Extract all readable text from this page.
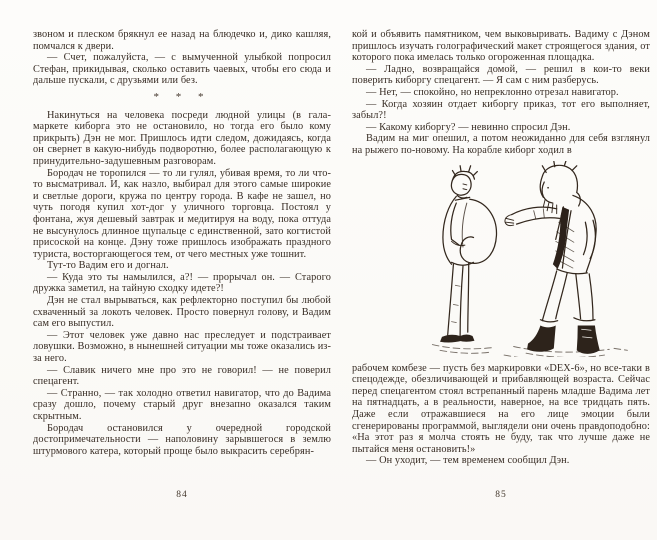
звоном и плеском брякнул ее назад на блюдечко и, дико кашляя, помчался к двери.

— Счет, пожалуйста, — с вымученной улыбкой попросил Стефан, прикидывая, сколько оставить чаевых, чтобы его сюда и дальше пускали, с друзьями или без.

* * *

Накинуться на человека посреди людной улицы (в гала-маркете киборга это не остановило, но тогда его было кому прикрыть) Дэн не мог. Пришлось идти следом, дожидаясь, когда он свернет в какую-нибудь подворотню, более располагающую к принудительно-задушевным разговорам.

Бородач не торопился — то ли гулял, убивая время, то ли что-то высматривал. И, как назло, выбирал для этого самые широкие и светлые дороги, кружа по центру города. В кафе не зашел, но чуть погодя купил хот-дог у уличного торговца. Постоял у фонтана, жуя дешевый завтрак и медитируя на воду, пока оттуда не высунулось длинное щупальце с единственной, зато когтистой присоской на конце. Дэну тоже пришлось изображать праздного туриста, восторгающегося тем, от чего местных уже тошнит.

Тут-то Вадим его и догнал.

— Куда это ты намылился, а?! — прорычал он. — Старого дружка заметил, на тайную сходку идете?!

Дэн не стал вырываться, как рефлекторно поступил бы любой схваченный за локоть человек. Просто повернул голову, и Вадим сам его выпустил.

— Этот человек уже давно нас преследует и подстраивает ловушки. Возможно, в нынешней ситуации мы тоже оказались из-за него.

— Славик ничего мне про это не говорил! — не поверил спецагент.

— Странно, — так холодно ответил навигатор, что до Вадима сразу дошло, почему старый друг внезапно оказался таким скрытным.

Бородач остановился у очередной городской достопримечательности — наполовину зарывшегося в землю штурмового катера, который проще было выкрасить серебрян-

84

кой и объявить памятником, чем выковыривать. Вадиму с Дэном пришлось изучать голографический макет строящегося здания, от которого пока имелась только огороженная площадка.

— Ладно, возвращайся домой, — решил в кои-то веки поверить киборгу спецагент. — Я сам с ним разберусь.

— Нет, — спокойно, но непреклонно отрезал навигатор.

— Когда хозяин отдает киборгу приказ, тот его выполняет, забыл?!

— Какому киборгу? — невинно спросил Дэн.

Вадим на миг опешил, а потом неожиданно для себя взглянул на рыжего по-новому. На корабле киборг ходил в

рабочем комбезе — пусть без маркировки «DEX-6», но все-таки в спецодежде, обезличивающей и прибавляющей возраста. Сейчас перед спецагентом стоял встрепанный парень младше Вадима лет на пятнадцать, а в реальности, наверное, на все тридцать пять. Даже если отражавшиеся на его лице эмоции были сгенерированы программой, выглядели они очень правдоподобно: «На этот раз я молча стоять не буду, так что лучше даже не пытайся меня остановить!»

— Он уходит, — тем временем сообщил Дэн.

85
